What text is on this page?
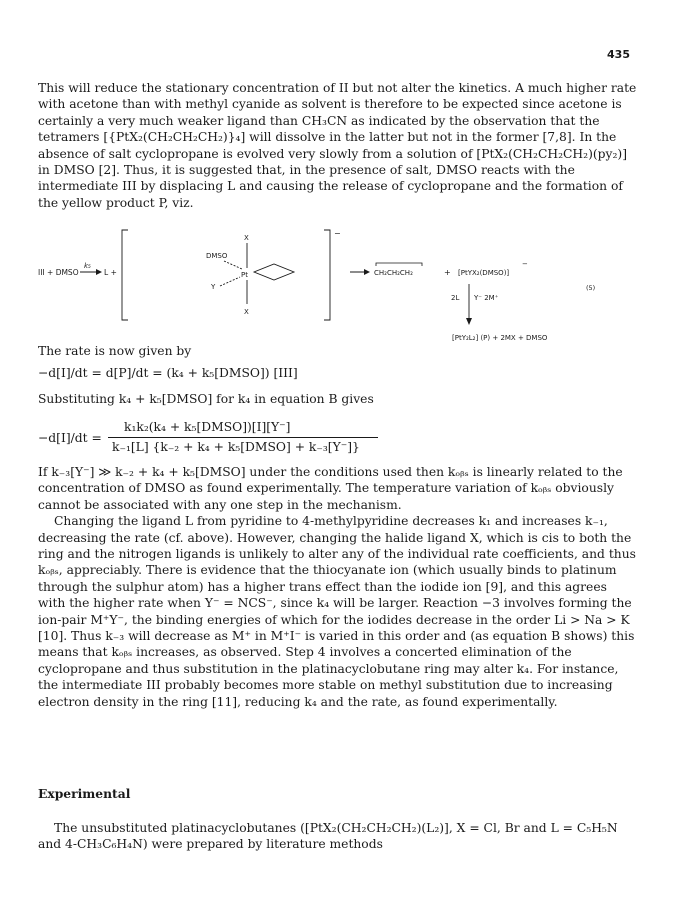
435

This will reduce the stationary concentration of II but not alter the kinetics. A much higher rate with acetone than with methyl cyanide as solvent is therefore to be expected since acetone is certainly a very much weaker ligand than CH₃CN as indicated by the observation that the tetramers [{PtX₂(CH₂CH₂CH₂)}₄] will dissolve in the latter but not in the former [7,8]. In the absence of salt cyclopropane is evolved very slowly from a solution of [PtX₂(CH₂CH₂CH₂)(py₂)] in DMSO [2]. Thus, it is suggested that, in the presence of salt, DMSO reacts with the intermediate III by displacing L and causing the release of cyclopropane and the formation of the yellow product P, viz.

III + DMSO
k₅
L +
−
X
DMSO
Pt
Y
X
CH₂CH₂CH₂	+ [PtYX₂(DMSO)]
−
(5)
2L Y⁻ 2M⁺
[PtY₂L₂] (P) + 2MX + DMSO
The rate is now given by
−d[I]/dt = d[P]/dt = (k₄ + k₅[DMSO]) [III]
Substituting k₄ + k₅[DMSO] for k₄ in equation B gives
−d[I]/dt =
k₁k₂(k₄ + k₅[DMSO])[I][Y⁻]
k₋₁[L] {k₋₂ + k₄ + k₅[DMSO] + k₋₃[Y⁻]}

If k₋₃[Y⁻] ≫ k₋₂ + k₄ + k₅[DMSO] under the conditions used then kₒᵦₛ is linearly related to the concentration of DMSO as found experimentally. The temperature variation of kₒᵦₛ obviously cannot be associated with any one step in the mechanism.

Changing the ligand L from pyridine to 4-methylpyridine decreases k₁ and increases k₋₁, decreasing the rate (cf. above). However, changing the halide ligand X, which is cis to both the ring and the nitrogen ligands is unlikely to alter any of the individual rate coefficients, and thus kₒᵦₛ, appreciably. There is evidence that the thiocyanate ion (which usually binds to platinum through the sulphur atom) has a higher trans effect than the iodide ion [9], and this agrees with the higher rate when Y⁻ = NCS⁻, since k₄ will be larger. Reaction −3 involves forming the ion-pair M⁺Y⁻, the binding energies of which for the iodides decrease in the order Li > Na > K [10]. Thus k₋₃ will decrease as M⁺ in M⁺I⁻ is varied in this order and (as equation B shows) this means that kₒᵦₛ increases, as observed. Step 4 involves a concerted elimination of the cyclopropane and thus substitution in the platinacyclobutane ring may alter k₄. For instance, the intermediate III probably becomes more stable on methyl substitution due to increasing electron density in the ring [11], reducing k₄ and the rate, as found experimentally.

Experimental
The unsubstituted platinacyclobutanes ([PtX₂(CH₂CH₂CH₂)(L₂)], X = Cl, Br and L = C₅H₅N and 4-CH₃C₆H₄N) were prepared by literature methods
